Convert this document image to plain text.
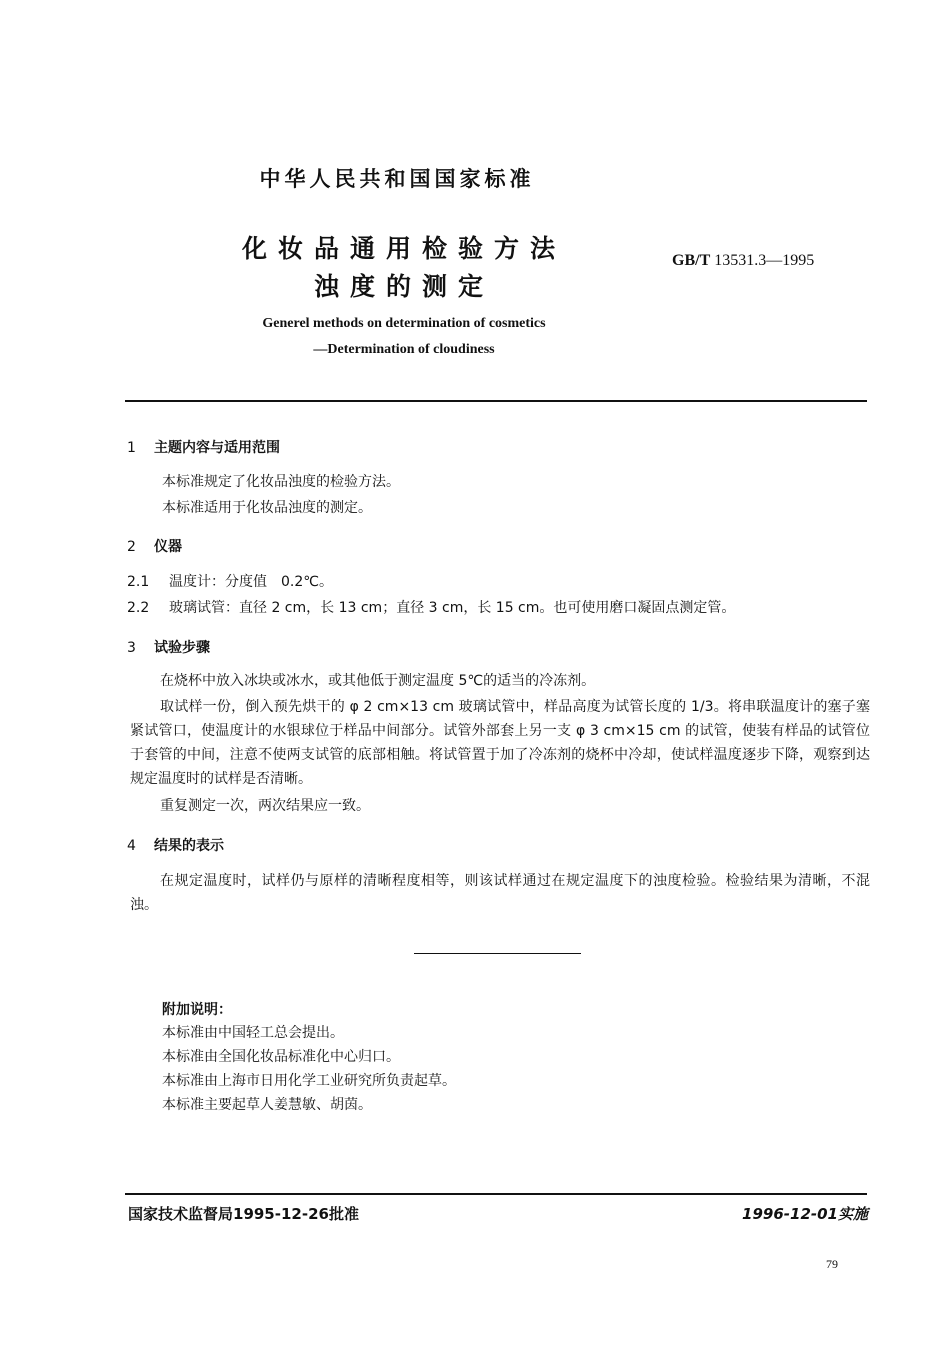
中华人民共和国国家标准
化妆品通用检验方法
浊度的测定
GB/T 13531.3—1995
Generel methods on determination of cosmetics
—Determination of cloudiness
1 主题内容与适用范围
本标准规定了化妆品浊度的检验方法。
本标准适用于化妆品浊度的测定。
2 仪器
2.1 温度计：分度值　0.2℃。
2.2 玻璃试管：直径 2 cm，长 13 cm；直径 3 cm，长 15 cm。也可使用磨口凝固点测定管。
3 试验步骤
在烧杯中放入冰块或冰水，或其他低于测定温度 5℃的适当的冷冻剂。
取试样一份，倒入预先烘干的 φ 2 cm×13 cm 玻璃试管中，样品高度为试管长度的 1/3。将串联温度计的塞子塞紧试管口，使温度计的水银球位于样品中间部分。试管外部套上另一支 φ 3 cm×15 cm 的试管，使装有样品的试管位于套管的中间，注意不使两支试管的底部相触。将试管置于加了冷冻剂的烧杯中冷却，使试样温度逐步下降，观察到达规定温度时的试样是否清晰。
重复测定一次，两次结果应一致。
4 结果的表示
在规定温度时，试样仍与原样的清晰程度相等，则该试样通过在规定温度下的浊度检验。检验结果为清晰，不混浊。
附加说明：
本标准由中国轻工总会提出。
本标准由全国化妆品标准化中心归口。
本标准由上海市日用化学工业研究所负责起草。
本标准主要起草人姜慧敏、胡茵。
国家技术监督局1995-12-26批准	1996-12-01实施
79
